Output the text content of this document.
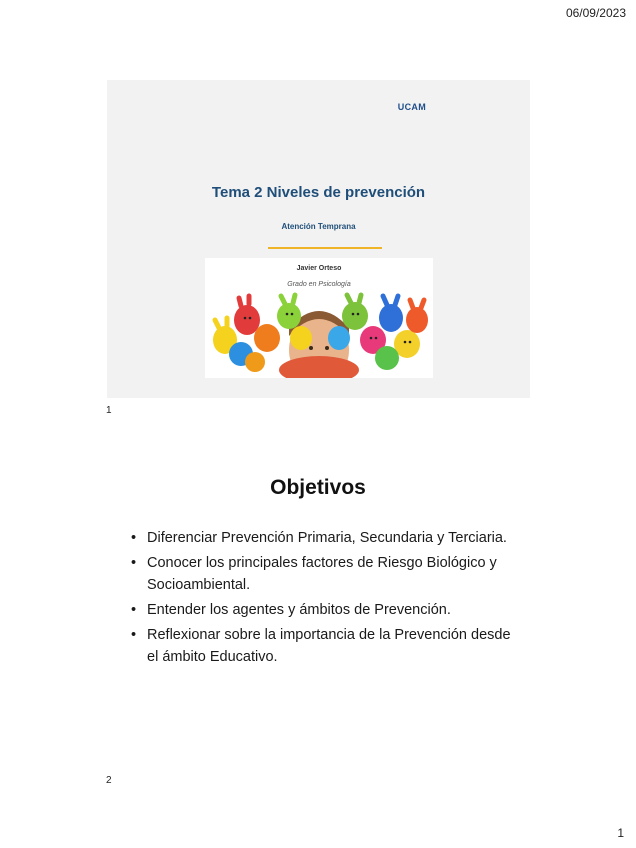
06/09/2023
UCAM
Tema 2 Niveles de prevención
Atención Temprana
Javier Orteso
Grado en Psicología
1
Objetivos
• Diferenciar Prevención Primaria, Secundaria y Terciaria.
• Conocer los principales factores de Riesgo Biológico y Socioambiental.
• Entender los agentes y ámbitos de Prevención.
• Reflexionar sobre la importancia de la Prevención desde el ámbito Educativo.
2
1
